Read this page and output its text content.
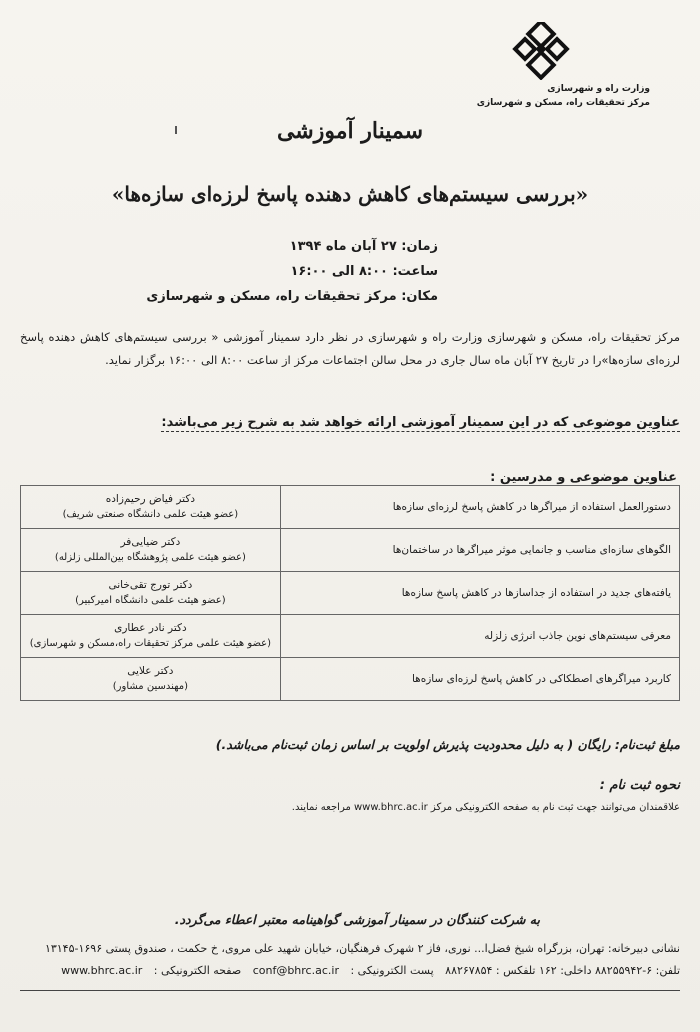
وزارت راه و شهرسازی
مرکز تحقیقات راه، مسکن و شهرسازی
سمینار آموزشی
«بررسی سیستم‌های کاهش دهنده پاسخ لرزه‌ای سازه‌ها»
زمان: ۲۷ آبان ماه ۱۳۹۴
ساعت: ۸:۰۰ الی ۱۶:۰۰
مکان: مرکز تحقیقات راه، مسکن و شهرسازی
مرکز تحقیقات راه، مسکن و شهرسازی وزارت راه و شهرسازی در نظر دارد سمینار آموزشی « بررسی سیستم‌های کاهش دهنده پاسخ لرزه‌ای سازه‌ها»را در تاریخ ۲۷ آبان ماه سال جاری در محل سالن اجتماعات مرکز از ساعت ۸:۰۰ الی ۱۶:۰۰ برگزار نماید.
عناوین موضوعی که در این سمینار آموزشی ارائه خواهد شد به شرح زیر می‌باشد:
عناوین موضوعی و مدرسین :
دستورالعمل استفاده از میراگرها در کاهش پاسخ لرزه‌ای سازه‌ها	دکتر فیاض رحیم‌زاده
(عضو هیئت علمی دانشگاه صنعتی شریف)

الگوهای سازه‌ای مناسب و جانمایی موثر میراگرها در ساختمان‌ها	دکتر ضیایی‌فر
(عضو هیئت علمی پژوهشگاه بین‌المللی زلزله)

یافته‌های جدید در استفاده از جداسازها در کاهش پاسخ سازه‌ها	دکتر تورج تقی‌خانی
(عضو هیئت علمی دانشگاه امیرکبیر)

معرفی سیستم‌های نوین جاذب انرژی زلزله	دکتر نادر عطاری
(عضو هیئت علمی مرکز تحقیقات راه،مسکن و شهرسازی)

کاربرد میراگرهای اصطکاکی در کاهش پاسخ لرزه‌ای سازه‌ها	دکتر علایی
(مهندسین مشاور)
مبلغ ثبت‌نام: رایگان ( به دلیل محدودیت پذیرش اولویت بر اساس زمان ثبت‌نام می‌باشد.)
نحوه ثبت نام :
علاقمندان می‌توانند جهت ثبت نام به صفحه الکترونیکی مرکز www.bhrc.ac.ir مراجعه نمایند.
به شرکت کنندگان در سمینار آموزشی گواهینامه معتبر اعطاء می‌گردد.
نشانی دبیرخانه: تهران، بزرگراه شیخ فضل‌ا... نوری، فاز ۲ شهرک فرهنگیان، خیابان شهید علی مروی، خ حکمت ، صندوق پستی ۱۶۹۶-۱۳۱۴۵
تلفن: ۶-۸۸۲۵۵۹۴۲ داخلی: ۱۶۲ تلفکس : ۸۸۲۶۷۸۵۴ پست الکترونیکی : conf@bhrc.ac.ir صفحه الکترونیکی : www.bhrc.ac.ir
